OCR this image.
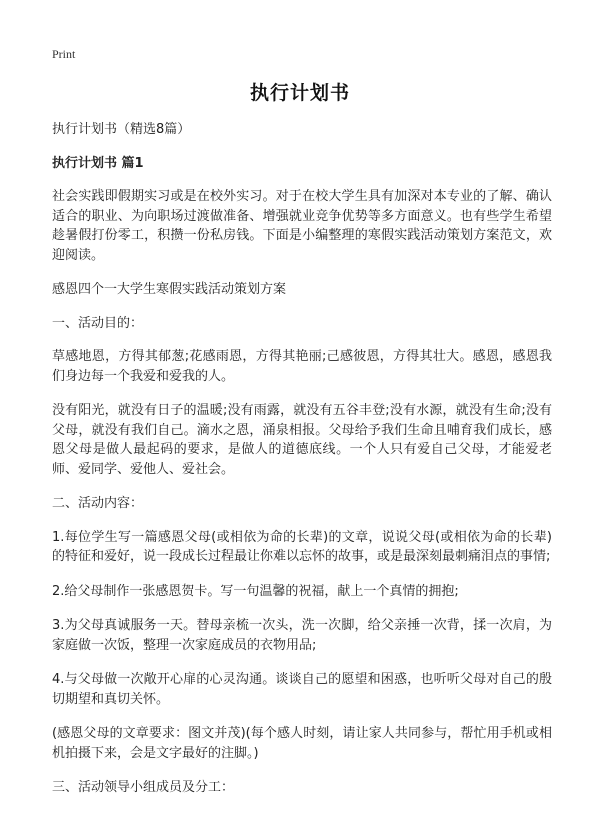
Print
执行计划书

执行计划书（精选8篇）

执行计划书 篇1

社会实践即假期实习或是在校外实习。对于在校大学生具有加深对本专业的了解、确认适合的职业、为向职场过渡做准备、增强就业竞争优势等多方面意义。也有些学生希望趁暑假打份零工，积攒一份私房钱。下面是小编整理的寒假实践活动策划方案范文，欢迎阅读。

感恩四个一大学生寒假实践活动策划方案

一、活动目的：

草感地恩，方得其郁葱;花感雨恩，方得其艳丽;己感彼恩，方得其壮大。感恩，感恩我们身边每一个我爱和爱我的人。

没有阳光，就没有日子的温暖;没有雨露，就没有五谷丰登;没有水源，就没有生命;没有父母，就没有我们自己。滴水之恩，涌泉相报。父母给予我们生命且哺育我们成长，感恩父母是做人最起码的要求，是做人的道德底线。一个人只有爱自己父母，才能爱老师、爱同学、爱他人、爱社会。

二、活动内容：

1.每位学生写一篇感恩父母(或相依为命的长辈)的文章，说说父母(或相依为命的长辈)的特征和爱好，说一段成长过程最让你难以忘怀的故事，或是最深刻最刺痛泪点的事情;

2.给父母制作一张感恩贺卡。写一句温馨的祝福，献上一个真情的拥抱;

3.为父母真诚服务一天。替母亲梳一次头，洗一次脚，给父亲捶一次背，揉一次肩，为家庭做一次饭，整理一次家庭成员的衣物用品;

4.与父母做一次敞开心扉的心灵沟通。谈谈自己的愿望和困惑，也听听父母对自己的殷切期望和真切关怀。

(感恩父母的文章要求：图文并茂)(每个感人时刻，请让家人共同参与，帮忙用手机或相机拍摄下来，会是文字最好的注脚。)

三、活动领导小组成员及分工：
